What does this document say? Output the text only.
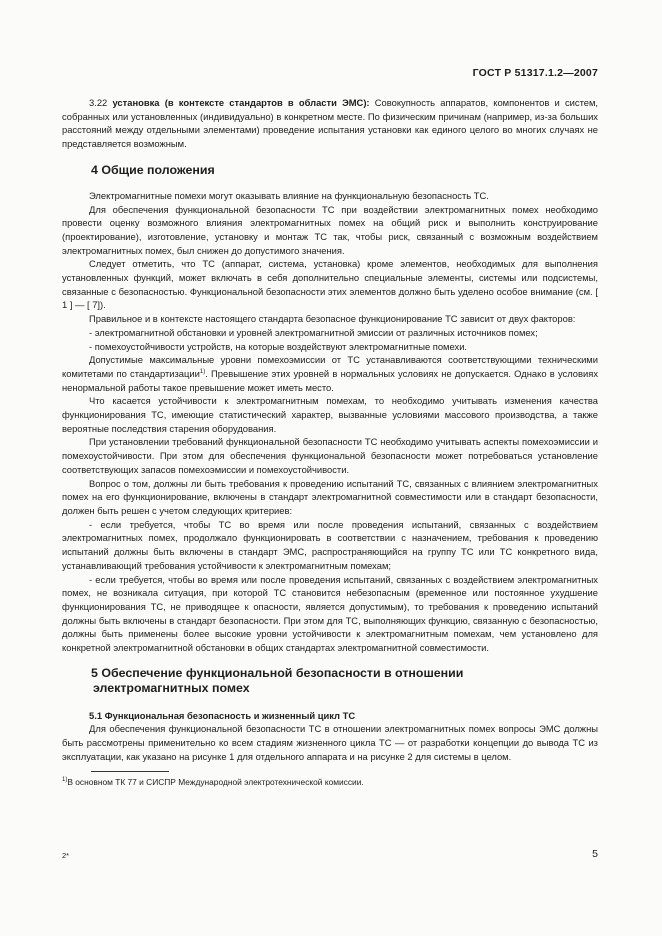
ГОСТ Р 51317.1.2—2007

3.22 установка (в контексте стандартов в области ЭМС): Совокупность аппаратов, компонентов и систем, собранных или установленных (индивидуально) в конкретном месте. По физическим причинам (например, из-за больших расстояний между отдельными элементами) проведение испытания установки как единого целого во многих случаях не представляется возможным.

4 Общие положения

Электромагнитные помехи могут оказывать влияние на функциональную безопасность ТС.

Для обеспечения функциональной безопасности ТС при воздействии электромагнитных помех необходимо провести оценку возможного влияния электромагнитных помех на общий риск и выполнить конструирование (проектирование), изготовление, установку и монтаж ТС так, чтобы риск, связанный с возможным воздействием электромагнитных помех, был снижен до допустимого значения.

Следует отметить, что ТС (аппарат, система, установка) кроме элементов, необходимых для выполнения установленных функций, может включать в себя дополнительно специальные элементы, системы или подсистемы, связанные с безопасностью. Функциональной безопасности этих элементов должно быть уделено особое внимание (см. [ 1 ] — [ 7]).

Правильное и в контексте настоящего стандарта безопасное функционирование ТС зависит от двух факторов:

- электромагнитной обстановки и уровней электромагнитной эмиссии от различных источников помех;

- помехоустойчивости устройств, на которые воздействуют электромагнитные помехи.

Допустимые максимальные уровни помехоэмиссии от ТС устанавливаются соответствующими техническими комитетами по стандартизации$^{1)}$. Превышение этих уровней в нормальных условиях не допускается. Однако в условиях ненормальной работы такое превышение может иметь место.

Что касается устойчивости к электромагнитным помехам, то необходимо учитывать изменения качества функционирования ТС, имеющие статистический характер, вызванные условиями массового производства, а также вероятные последствия старения оборудования.

При установлении требований функциональной безопасности ТС необходимо учитывать аспекты помехоэмиссии и помехоустойчивости. При этом для обеспечения функциональной безопасности может потребоваться установление соответствующих запасов помехоэмиссии и помехоустойчивости.

Вопрос о том, должны ли быть требования к проведению испытаний ТС, связанных с влиянием электромагнитных помех на его функционирование, включены в стандарт электромагнитной совместимости или в стандарт безопасности, должен быть решен с учетом следующих критериев:

- если требуется, чтобы ТС во время или после проведения испытаний, связанных с воздействием электромагнитных помех, продолжало функционировать в соответствии с назначением, требования к проведению испытаний должны быть включены в стандарт ЭМС, распространяющийся на группу ТС или ТС конкретного вида, устанавливающий требования устойчивости к электромагнитным помехам;

- если требуется, чтобы во время или после проведения испытаний, связанных с воздействием электромагнитных помех, не возникала ситуация, при которой ТС становится небезопасным (временное или постоянное ухудшение функционирования ТС, не приводящее к опасности, является допустимым), то требования к проведению испытаний должны быть включены в стандарт безопасности. При этом для ТС, выполняющих функцию, связанную с безопасностью, должны быть применены более высокие уровни устойчивости к электромагнитным помехам, чем установлено для конкретной электромагнитной обстановки в общих стандартах электромагнитной совместимости.

5 Обеспечение функциональной безопасности в отношении
электромагнитных помех

5.1 Функциональная безопасность и жизненный цикл ТС

Для обеспечения функциональной безопасности ТС в отношении электромагнитных помех вопросы ЭМС должны быть рассмотрены применительно ко всем стадиям жизненного цикла ТС — от разработки концепции до вывода ТС из эксплуатации, как указано на рисунке 1 для отдельного аппарата и на рисунке 2 для системы в целом.

$^{1)}$В основном ТК 77 и СИСПР Международной электротехнической комиссии.

2*	5
